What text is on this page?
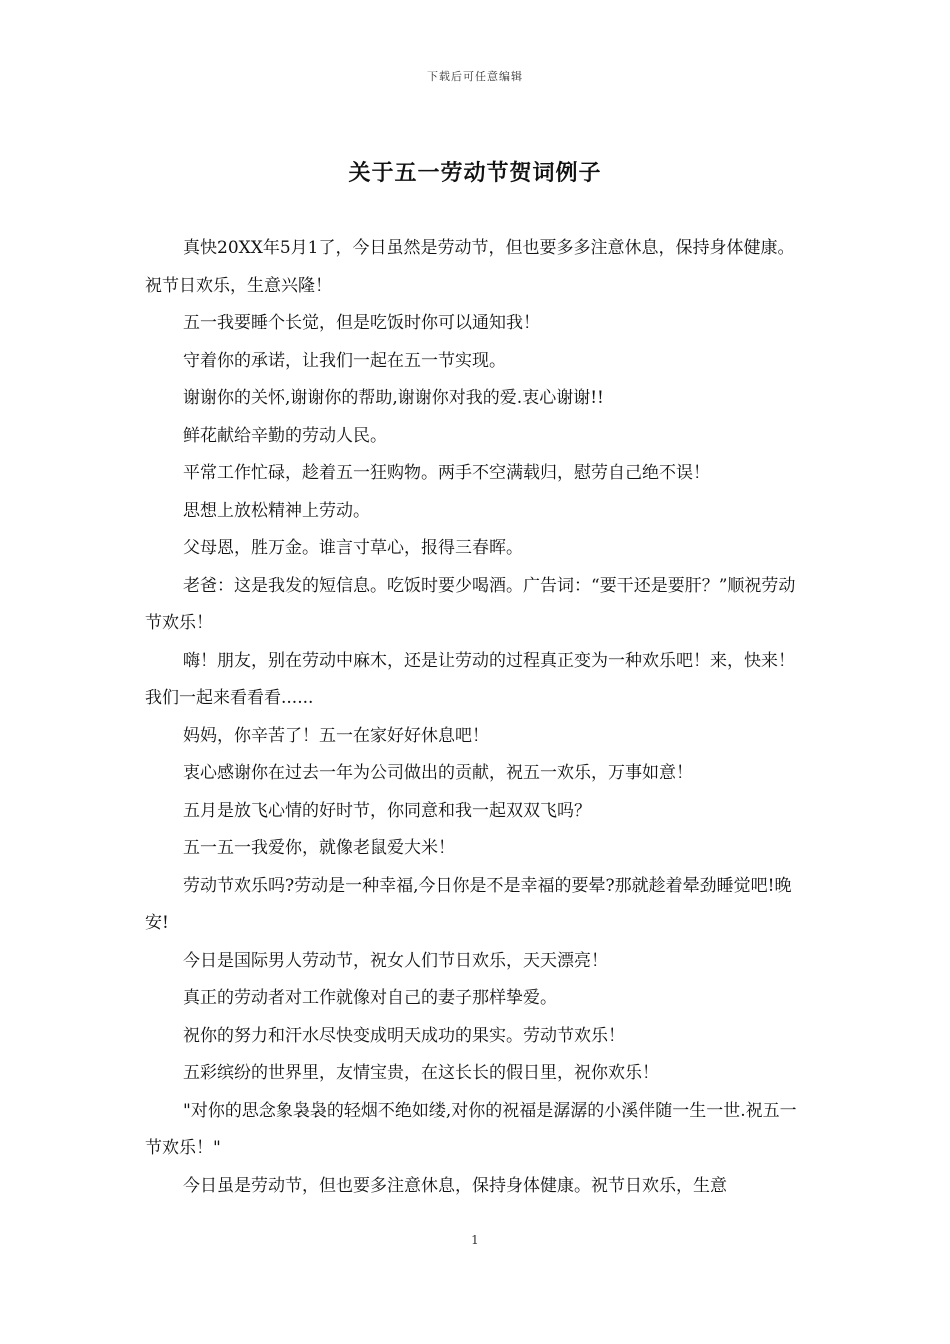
下载后可任意编辑
关于五一劳动节贺词例子

真快20XX年5月1了，今日虽然是劳动节，但也要多多注意休息，保持身体健康。祝节日欢乐，生意兴隆！

五一我要睡个长觉，但是吃饭时你可以通知我！

守着你的承诺，让我们一起在五一节实现。

谢谢你的关怀,谢谢你的帮助,谢谢你对我的爱.衷心谢谢!!

鲜花献给辛勤的劳动人民。

平常工作忙碌，趁着五一狂购物。两手不空满载归，慰劳自己绝不误！

思想上放松精神上劳动。

父母恩，胜万金。谁言寸草心，报得三春晖。

老爸：这是我发的短信息。吃饭时要少喝酒。广告词：“要干还是要肝？”顺祝劳动节欢乐！

嗨！朋友，别在劳动中麻木，还是让劳动的过程真正变为一种欢乐吧！来，快来！我们一起来看看看......

妈妈，你辛苦了！五一在家好好休息吧！

衷心感谢你在过去一年为公司做出的贡献，祝五一欢乐，万事如意！

五月是放飞心情的好时节，你同意和我一起双双飞吗？

五一五一我爱你，就像老鼠爱大米！

劳动节欢乐吗?劳动是一种幸福,今日你是不是幸福的要晕?那就趁着晕劲睡觉吧!晚安!

今日是国际男人劳动节，祝女人们节日欢乐，天天漂亮！

真正的劳动者对工作就像对自己的妻子那样挚爱。

祝你的努力和汗水尽快变成明天成功的果实。劳动节欢乐！

五彩缤纷的世界里，友情宝贵，在这长长的假日里，祝你欢乐！

"对你的思念象袅袅的轻烟不绝如缕,对你的祝福是潺潺的小溪伴随一生一世.祝五一节欢乐！"

今日虽是劳动节，但也要多注意休息，保持身体健康。祝节日欢乐，生意

1
